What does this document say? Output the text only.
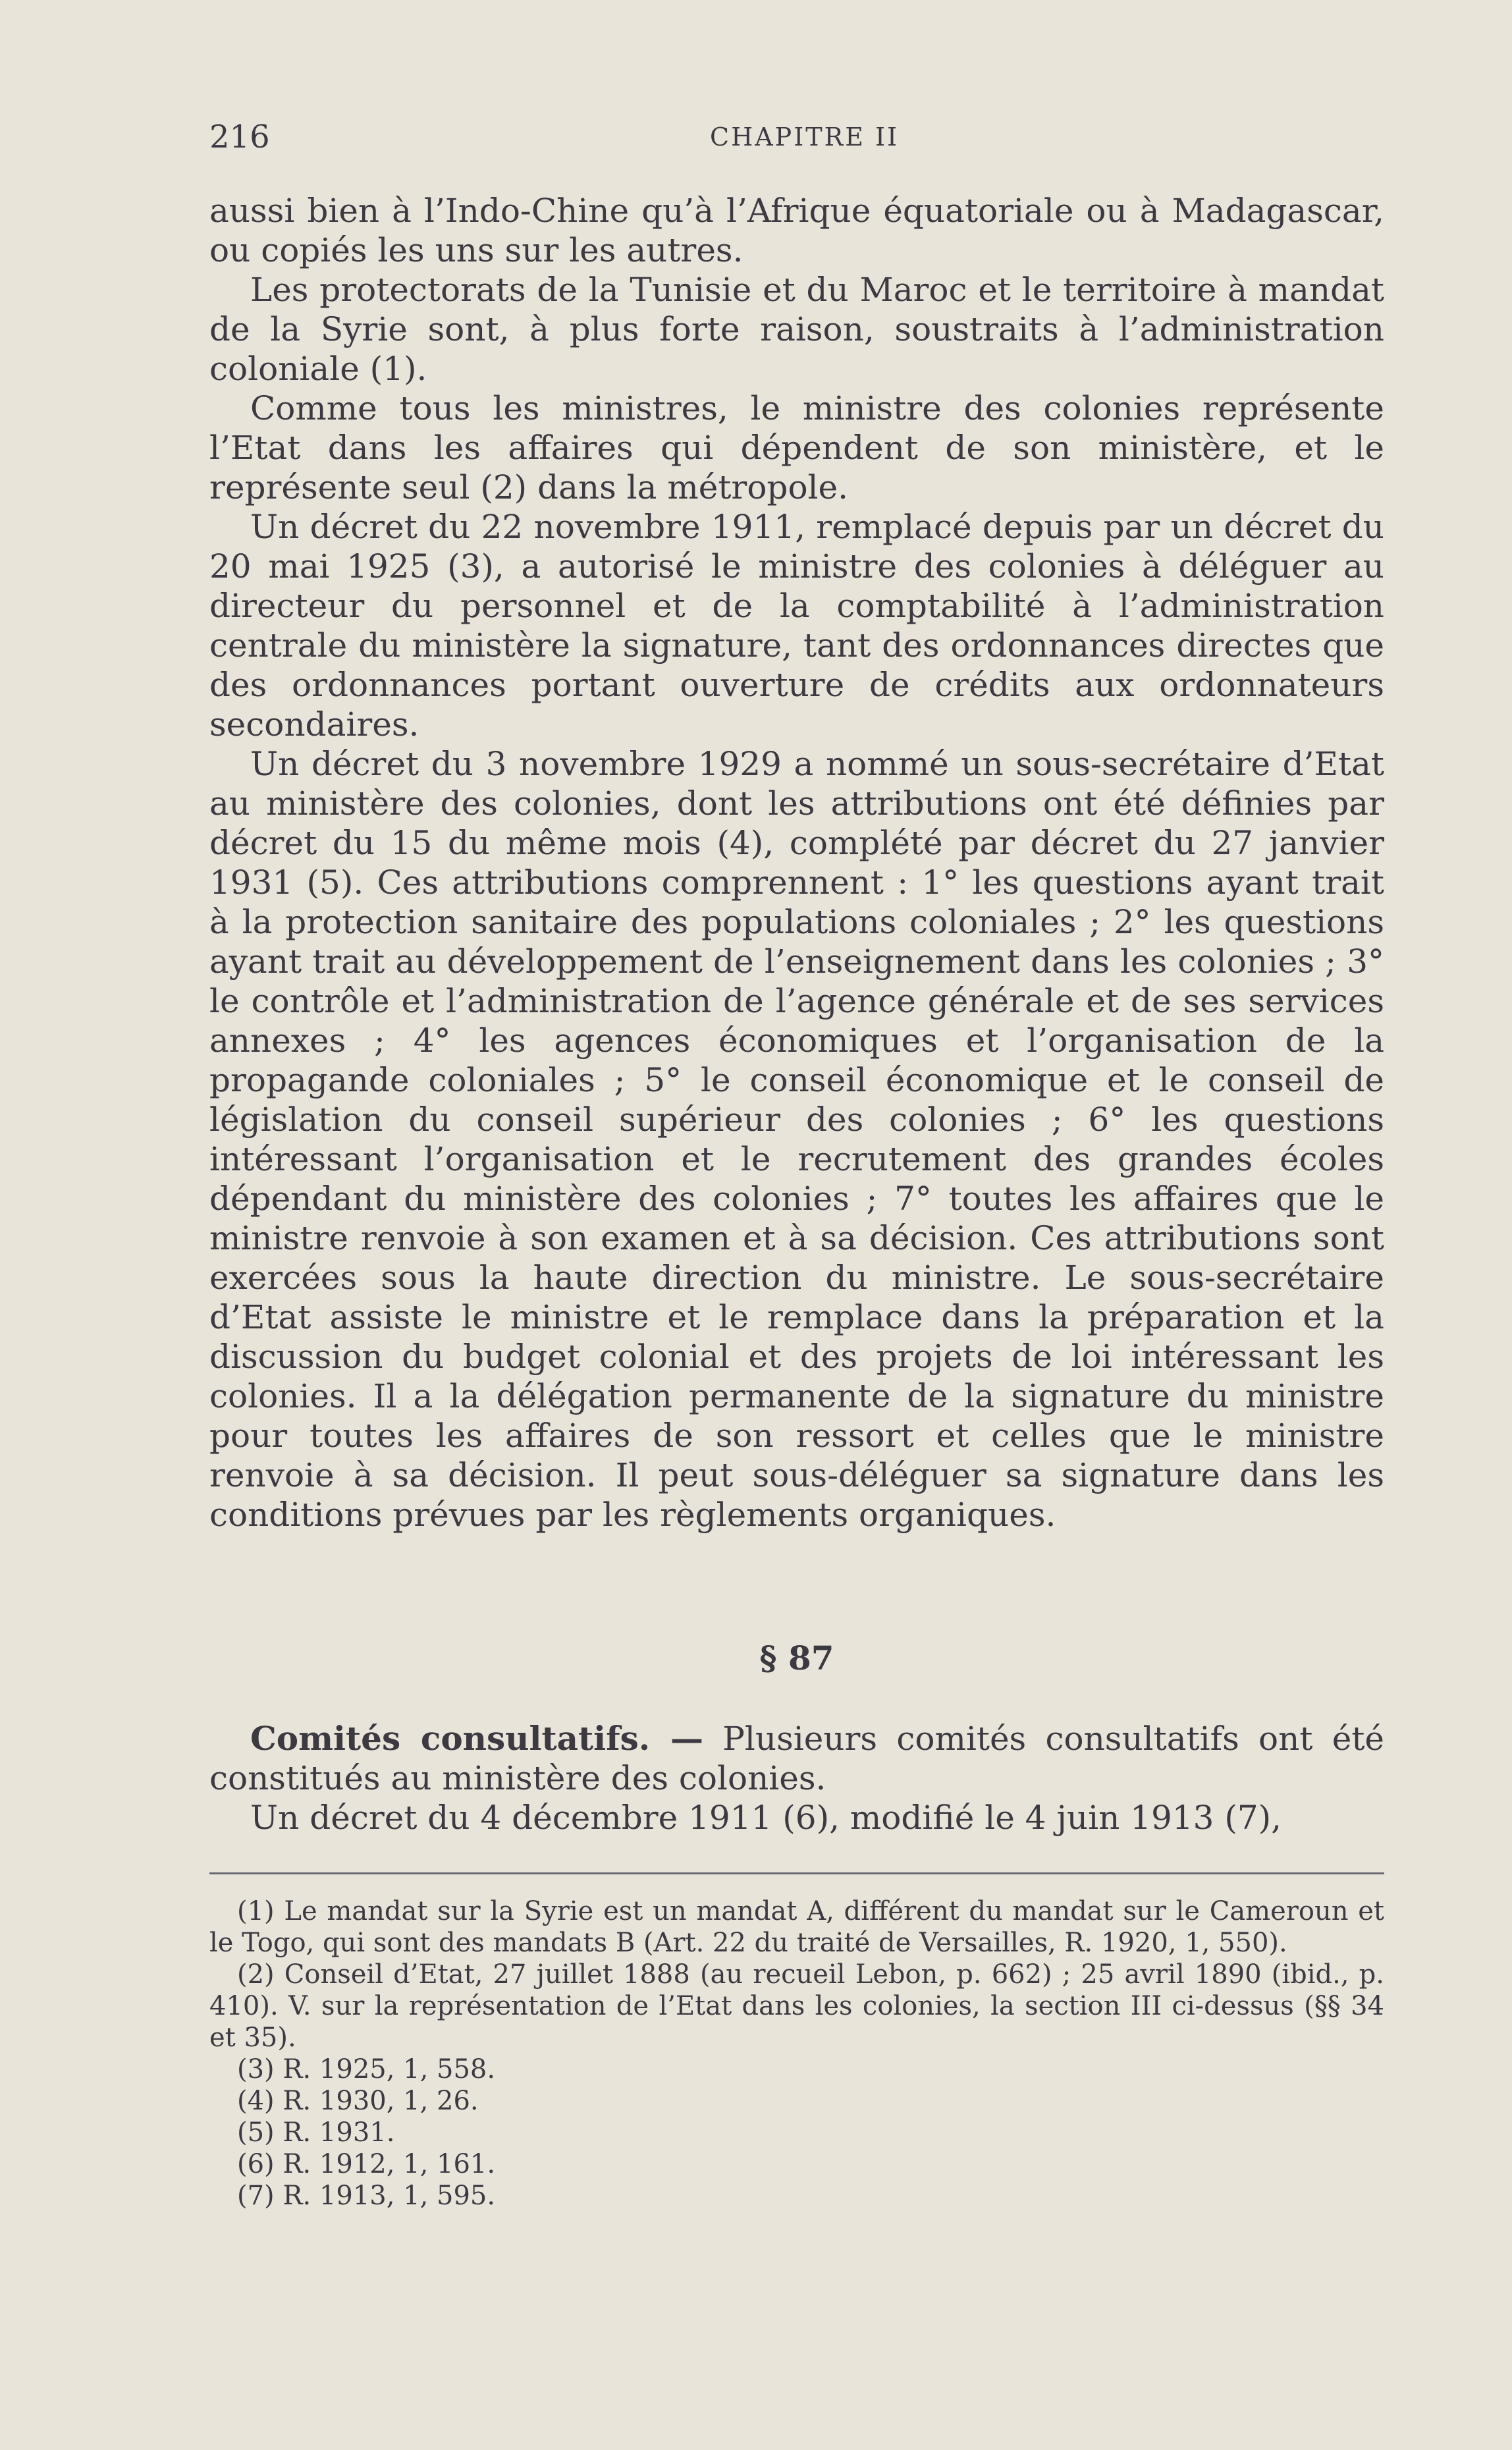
216	CHAPITRE II

aussi bien à l’Indo-Chine qu’à l’Afrique équatoriale ou à Madagascar, ou copiés les uns sur les autres.

Les protectorats de la Tunisie et du Maroc et le territoire à mandat de la Syrie sont, à plus forte raison, soustraits à l’administration coloniale (1).

Comme tous les ministres, le ministre des colonies représente l’Etat dans les affaires qui dépendent de son ministère, et le représente seul (2) dans la métropole.

Un décret du 22 novembre 1911, remplacé depuis par un décret du 20 mai 1925 (3), a autorisé le ministre des colonies à déléguer au directeur du personnel et de la comptabilité à l’administration centrale du ministère la signature, tant des ordonnances directes que des ordonnances portant ouverture de crédits aux ordonnateurs secondaires.

Un décret du 3 novembre 1929 a nommé un sous-secrétaire d’Etat au ministère des colonies, dont les attributions ont été définies par décret du 15 du même mois (4), complété par décret du 27 janvier 1931 (5). Ces attributions comprennent : 1° les questions ayant trait à la protection sanitaire des populations coloniales ; 2° les questions ayant trait au développement de l’enseignement dans les colonies ; 3° le contrôle et l’administration de l’agence générale et de ses services annexes ; 4° les agences économiques et l’organisation de la propagande coloniales ; 5° le conseil économique et le conseil de législation du conseil supérieur des colonies ; 6° les questions intéressant l’organisation et le recrutement des grandes écoles dépendant du ministère des colonies ; 7° toutes les affaires que le ministre renvoie à son examen et à sa décision. Ces attributions sont exercées sous la haute direction du ministre. Le sous-secrétaire d’Etat assiste le ministre et le remplace dans la préparation et la discussion du budget colonial et des projets de loi intéressant les colonies. Il a la délégation permanente de la signature du ministre pour toutes les affaires de son ressort et celles que le ministre renvoie à sa décision. Il peut sous-déléguer sa signature dans les conditions prévues par les règlements organiques.

§ 87

Comités consultatifs. — Plusieurs comités consultatifs ont été constitués au ministère des colonies.

Un décret du 4 décembre 1911 (6), modifié le 4 juin 1913 (7),

(1) Le mandat sur la Syrie est un mandat A, différent du mandat sur le Cameroun et le Togo, qui sont des mandats B (Art. 22 du traité de Versailles, R. 1920, 1, 550).

(2) Conseil d’Etat, 27 juillet 1888 (au recueil Lebon, p. 662) ; 25 avril 1890 (ibid., p. 410). V. sur la représentation de l’Etat dans les colonies, la section III ci-dessus (§§ 34 et 35).

(3) R. 1925, 1, 558.

(4) R. 1930, 1, 26.

(5) R. 1931.

(6) R. 1912, 1, 161.

(7) R. 1913, 1, 595.
